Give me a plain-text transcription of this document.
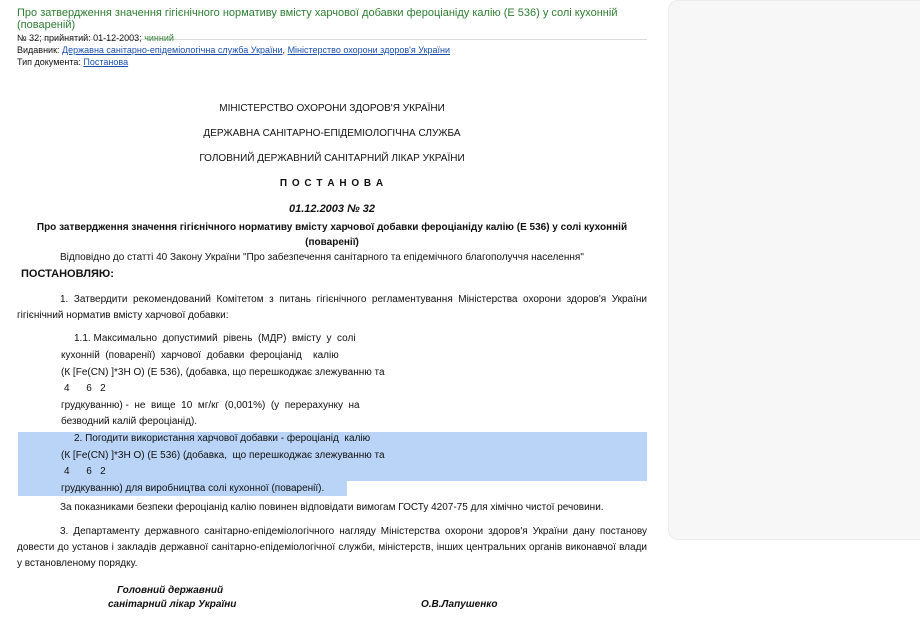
Про затвердження значення гігієнічного нормативу вмісту харчової добавки фероціаніду калію (Е 536) у солі кухонній (повареній)
№ 32; прийнятий: 01-12-2003; чинний
Видавник: Державна санітарно-епідеміологічна служба України, Міністерство охорони здоров'я України
Тип документа: Постанова
МІНІСТЕРСТВО ОХОРОНИ ЗДОРОВ'Я УКРАЇНИ
ДЕРЖАВНА САНІТАРНО-ЕПІДЕМІОЛОГІЧНА СЛУЖБА
ГОЛОВНИЙ ДЕРЖАВНИЙ САНІТАРНИЙ ЛІКАР УКРАЇНИ
П О С Т А Н О В А
01.12.2003 № 32
Про затвердження значення гігієнічного нормативу вмісту харчової добавки фероціаніду калію (Е 536) у солі кухонній (поваренії)
Відповідно до статті 40 Закону України "Про забезпечення санітарного та епідемічного благополуччя населення"
ПОСТАНОВЛЯЮ:
1. Затвердити рекомендований Комітетом з питань гігієнічного регламентування Міністерства охорони здоров'я України гігієнічний норматив вмісту харчової добавки:
1.1. Максимально  допустимий  рівень  (МДР)  вмісту  у  солі
кухонній  (поваренії)  харчової  добавки  фероціанід    калію
(К [Fe(CN) ]*3Н О) (Е 536), (добавка, що перешкоджає злежуванню та
4      6   2
грудкуванню) -  не  вище  10  мг/кг  (0,001%)  (у  перерахунку  на
безводний калій фероціанід).
2. Погодити використання харчової добавки - фероціанід  калію
(К [Fe(CN) ]*3Н О) (Е 536) (добавка,  що перешкоджає злежуванню та
4      6   2
грудкуванню) для виробництва солі кухонної (поваренії).
За показниками безпеки фероціанід калію повинен відповідати вимогам ГОСТу 4207-75 для хімічно чистої речовини.
3. Департаменту державного санітарно-епідеміологічного нагляду Міністерства охорони здоров'я України дану постанову довести до установ і закладів державної санітарно-епідеміологічної служби, міністерств, інших центральних органів виконавчої влади у встановленому порядку.
Головний державний
санітарний лікар України	О.В.Лапушенко
